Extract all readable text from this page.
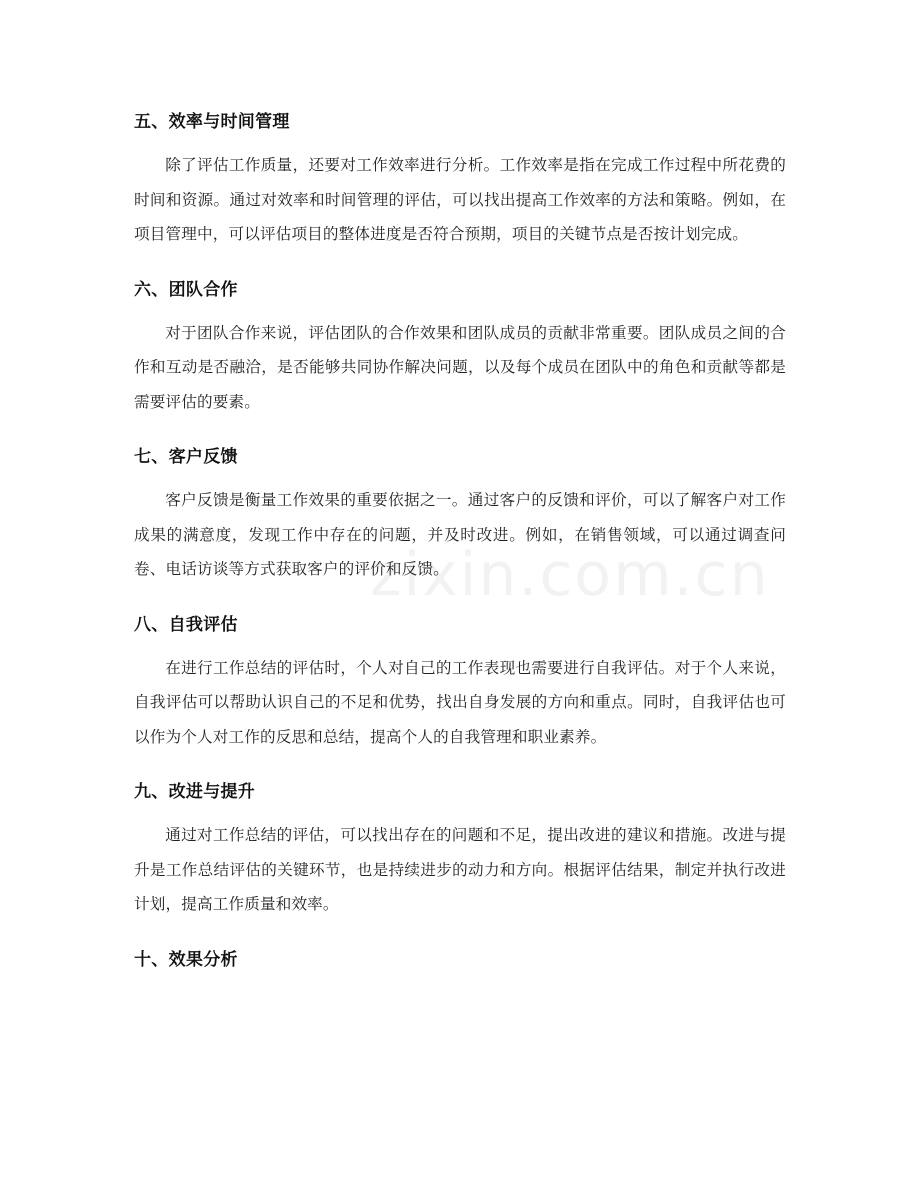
zixin.com.cn
五、效率与时间管理

除了评估工作质量，还要对工作效率进行分析。工作效率是指在完成工作过程中所花费的时间和资源。通过对效率和时间管理的评估，可以找出提高工作效率的方法和策略。例如，在项目管理中，可以评估项目的整体进度是否符合预期，项目的关键节点是否按计划完成。

六、团队合作

对于团队合作来说，评估团队的合作效果和团队成员的贡献非常重要。团队成员之间的合作和互动是否融洽，是否能够共同协作解决问题，以及每个成员在团队中的角色和贡献等都是需要评估的要素。

七、客户反馈

客户反馈是衡量工作效果的重要依据之一。通过客户的反馈和评价，可以了解客户对工作成果的满意度，发现工作中存在的问题，并及时改进。例如，在销售领域，可以通过调查问卷、电话访谈等方式获取客户的评价和反馈。

八、自我评估

在进行工作总结的评估时，个人对自己的工作表现也需要进行自我评估。对于个人来说，自我评估可以帮助认识自己的不足和优势，找出自身发展的方向和重点。同时，自我评估也可以作为个人对工作的反思和总结，提高个人的自我管理和职业素养。

九、改进与提升

通过对工作总结的评估，可以找出存在的问题和不足，提出改进的建议和措施。改进与提升是工作总结评估的关键环节，也是持续进步的动力和方向。根据评估结果，制定并执行改进计划，提高工作质量和效率。

十、效果分析
